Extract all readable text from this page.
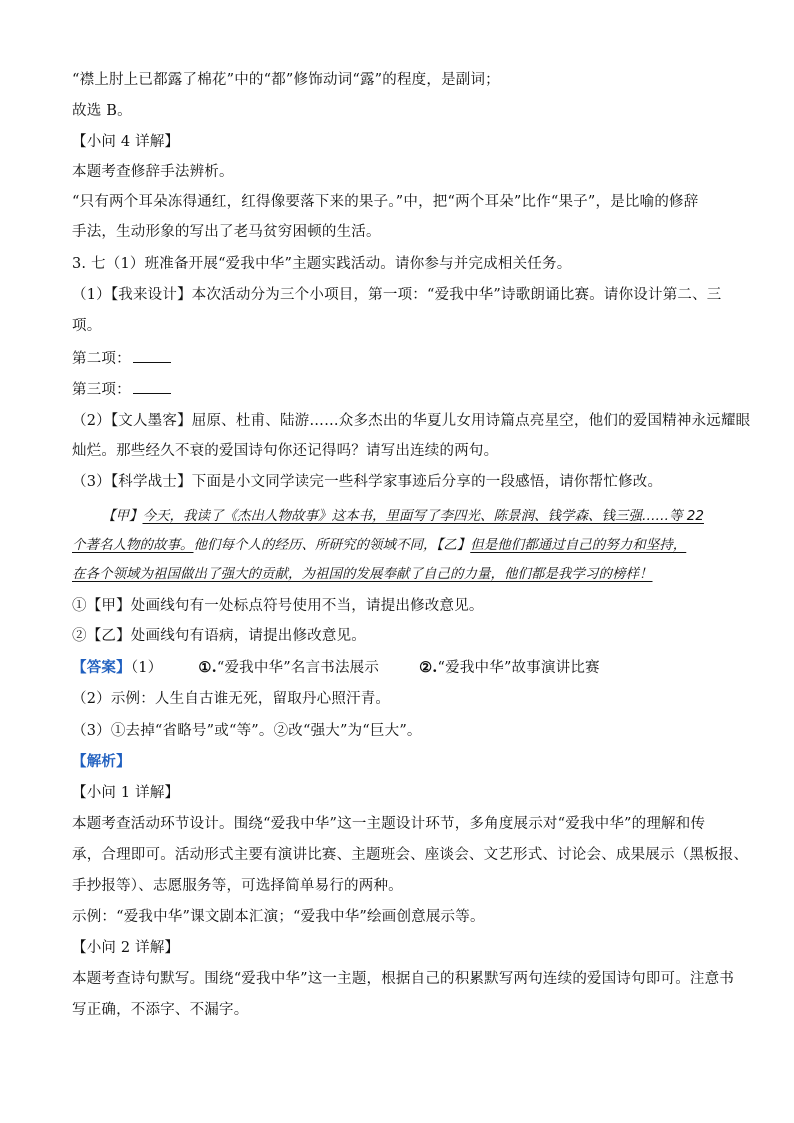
“襟上肘上已都露了棉花”中的“都”修饰动词“露”的程度，是副词；
故选 B。
【小问 4 详解】
本题考查修辞手法辨析。
“只有两个耳朵冻得通红，红得像要落下来的果子。”中，把“两个耳朵”比作“果子”，是比喻的修辞
手法，生动形象的写出了老马贫穷困顿的生活。
3. 七（1）班准备开展“爱我中华”主题实践活动。请你参与并完成相关任务。
（1）【我来设计】本次活动分为三个小项目，第一项：“爱我中华”诗歌朗诵比赛。请你设计第二、三
项。
第二项：
第三项：
（2）【文人墨客】屈原、杜甫、陆游……众多杰出的华夏儿女用诗篇点亮星空，他们的爱国精神永远耀眼
灿烂。那些经久不衰的爱国诗句你还记得吗？请写出连续的两句。
（3）【科学战士】下面是小文同学读完一些科学家事迹后分享的一段感悟，请你帮忙修改。
【甲】今天，我读了《杰出人物故事》这本书，里面写了李四光、陈景润、钱学森、钱三强……等 22
个著名人物的故事。他们每个人的经历、所研究的领域不同，【乙】但是他们都通过自己的努力和坚持，
在各个领域为祖国做出了强大的贡献，为祖国的发展奉献了自己的力量，他们都是我学习的榜样！
①【甲】处画线句有一处标点符号使用不当，请提出修改意见。
②【乙】处画线句有语病，请提出修改意见。
【答案】（1） ①.“爱我中华”名言书法展示	②.“爱我中华”故事演讲比赛
（2）示例：人生自古谁无死，留取丹心照汗青。
（3）①去掉“省略号”或“等”。②改“强大”为“巨大”。
【解析】
【小问 1 详解】
本题考查活动环节设计。围绕“爱我中华”这一主题设计环节，多角度展示对“爱我中华”的理解和传
承，合理即可。活动形式主要有演讲比赛、主题班会、座谈会、文艺形式、讨论会、成果展示（黑板报、
手抄报等）、志愿服务等，可选择简单易行的两种。
示例：“爱我中华”课文剧本汇演；“爱我中华”绘画创意展示等。
【小问 2 详解】
本题考查诗句默写。围绕“爱我中华”这一主题，根据自己的积累默写两句连续的爱国诗句即可。注意书
写正确，不添字、不漏字。
